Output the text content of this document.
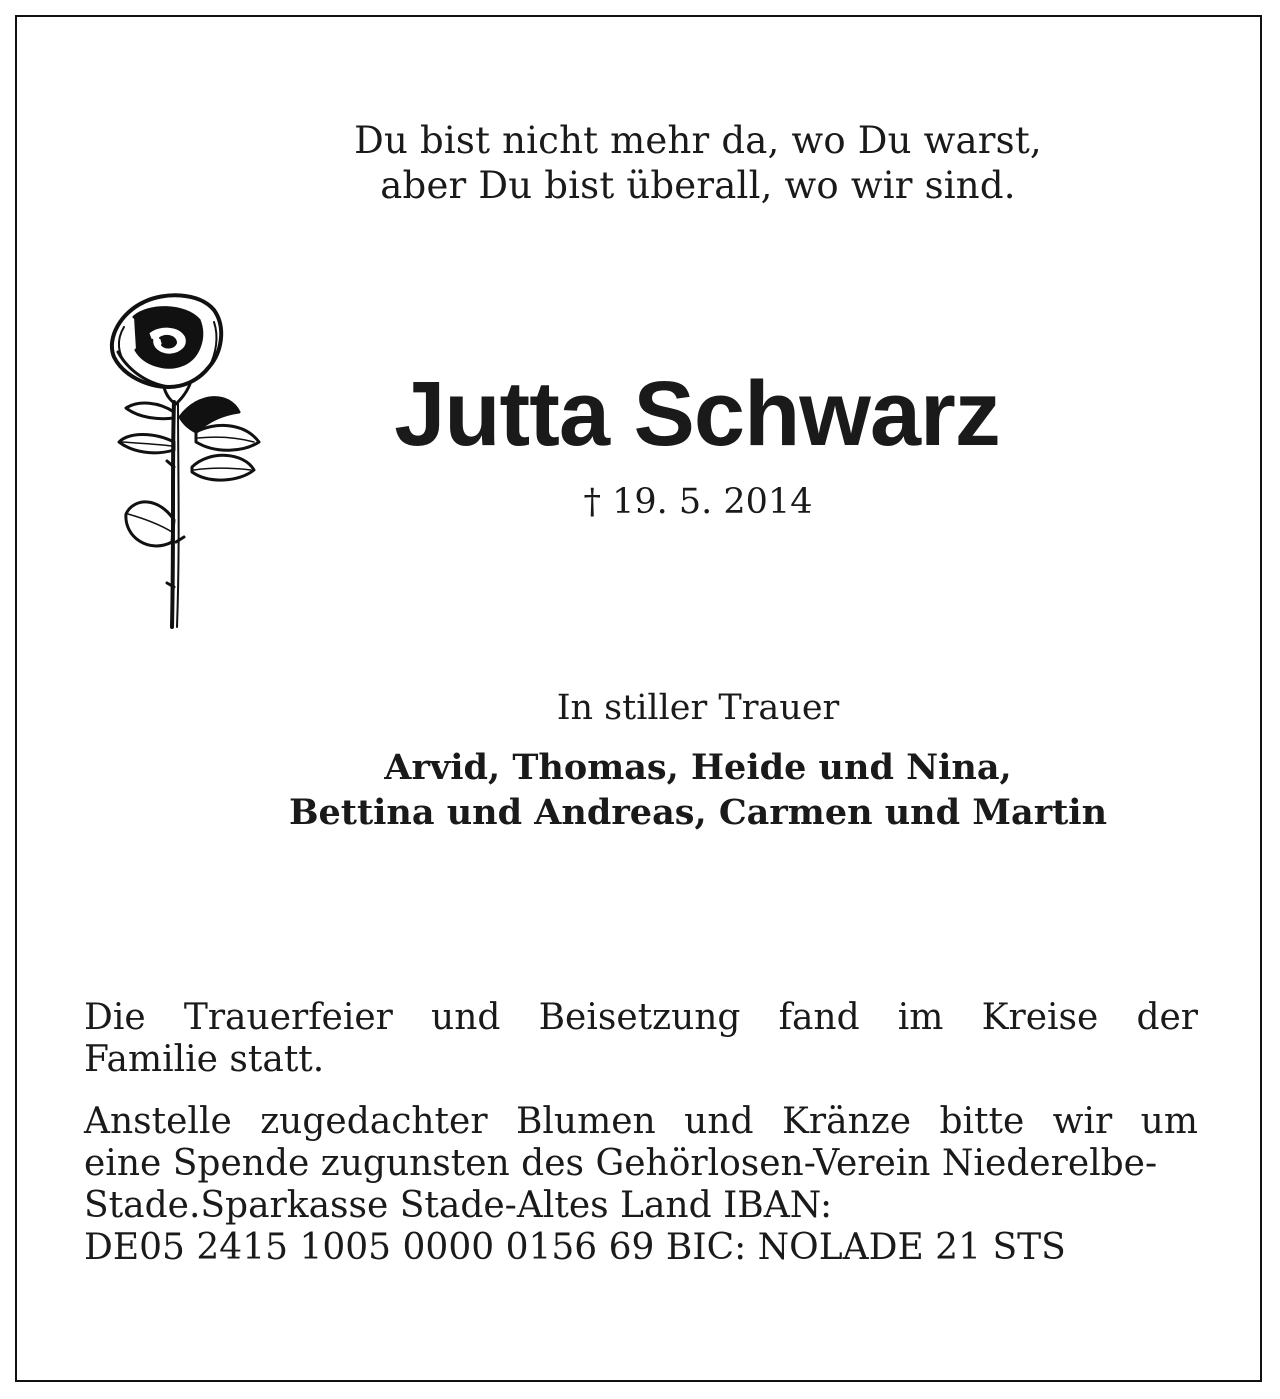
Du bist nicht mehr da, wo Du warst,
aber Du bist überall, wo wir sind.
Jutta Schwarz
† 19. 5. 2014
In stiller Trauer
Arvid, Thomas, Heide und Nina,
Bettina und Andreas, Carmen und Martin
Die Trauerfeier und Beisetzung fand im Kreise der
Familie statt.
Anstelle zugedachter Blumen und Kränze bitte wir um
eine Spende zugunsten des Gehörlosen-Verein Niederelbe-
Stade.Sparkasse Stade-Altes Land IBAN:
DE05 2415 1005 0000 0156 69 BIC: NOLADE 21 STS
